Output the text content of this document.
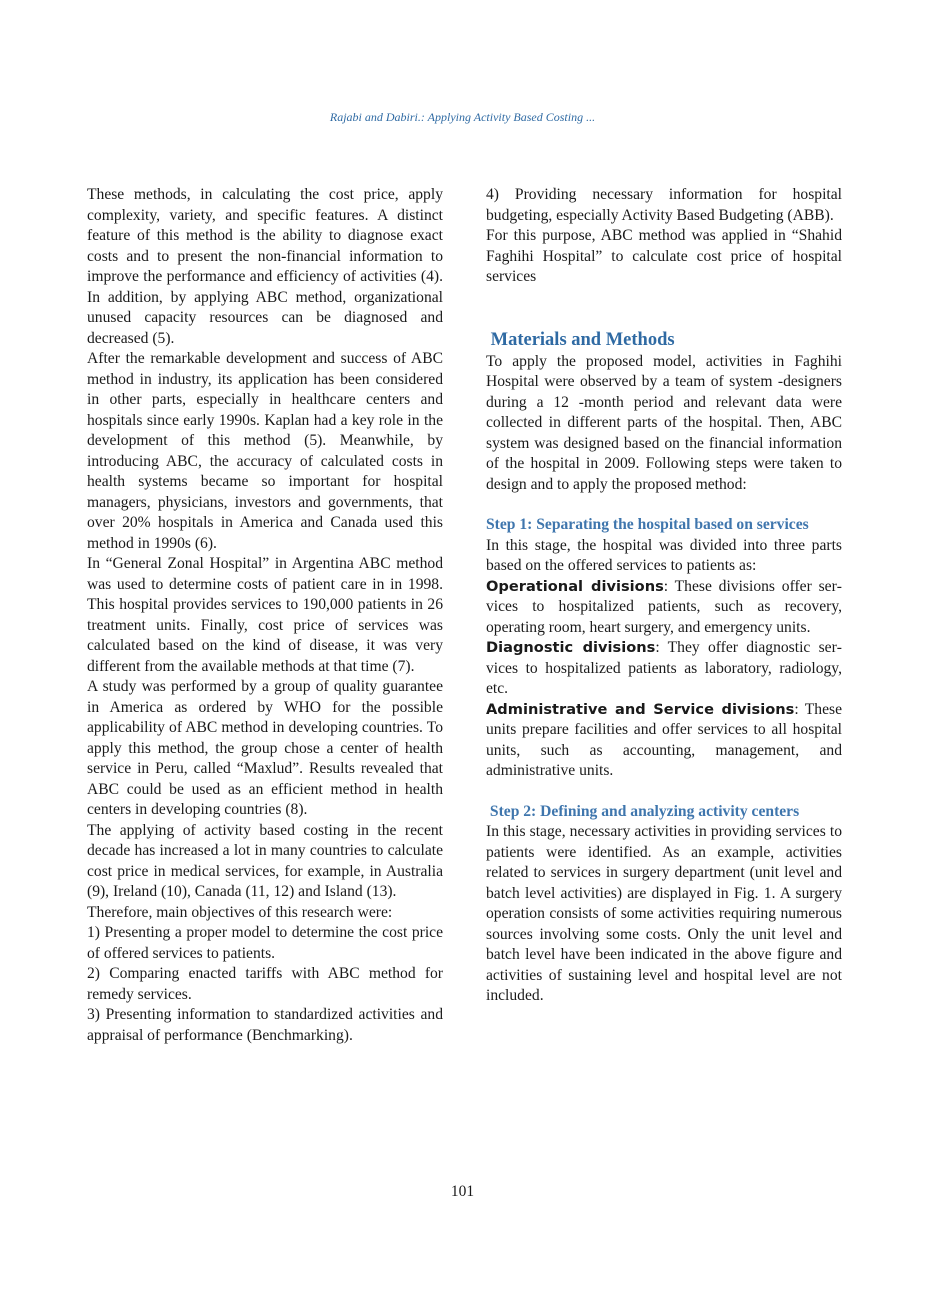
Rajabi and Dabiri.: Applying Activity Based Costing ...

These methods, in calculating the cost price, apply complexity, variety, and specific features. A distinct feature of this method is the ability to diagnose exact costs and to present the non-financial information to improve the performance and efficiency of activities (4). In addition, by applying ABC method, organizational unused capacity resources can be diagnosed and decreased (5).

After the remarkable development and success of ABC method in industry, its application has been considered in other parts, especially in healthcare centers and hospitals since early 1990s. Kaplan had a key role in the development of this method (5). Meanwhile, by introducing ABC, the accuracy of calculated costs in health systems became so important for hospital managers, physicians, investors and governments, that over 20% hospitals in America and Canada used this method in 1990s (6).

In “General Zonal Hospital” in Argentina ABC method was used to determine costs of patient care in in 1998. This hospital provides services to 190,000 patients in 26 treatment units. Finally, cost price of services was calculated based on the kind of disease, it was very different from the available methods at that time (7).

A study was performed by a group of quality guarantee in America as ordered by WHO for the possible applicability of ABC method in developing countries. To apply this method, the group chose a center of health service in Peru, called “Maxlud”. Results revealed that ABC could be used as an efficient method in health centers in developing countries (8).

The applying of activity based costing in the recent decade has increased a lot in many countries to calculate cost price in medical services, for example, in Australia (9), Ireland (10), Canada (11, 12) and Island (13).

Therefore, main objectives of this research were:

1) Presenting a proper model to determine the cost price of offered services to patients.

2) Comparing enacted tariffs with ABC method for remedy services.

3) Presenting information to standardized activities and appraisal of performance (Benchmarking).

4) Providing necessary information for hospital budgeting, especially Activity Based Budgeting (ABB).

For this purpose, ABC method was applied in “Shahid Faghihi Hospital” to calculate cost price of hospital services

Materials and Methods

To apply the proposed model, activities in Faghihi Hospital were observed by a team of system -designers during a 12 -month period and relevant data were collected in different parts of the hospital. Then, ABC system was designed based on the financial information of the hospital in 2009. Following steps were taken to design and to apply the proposed method:

Step 1: Separating the hospital based on services

In this stage, the hospital was divided into three parts based on the offered services to patients as:

Operational divisions: These divisions offer services to hospitalized patients, such as recovery, operating room, heart surgery, and emergency units.

Diagnostic divisions: They offer diagnostic services to hospitalized patients as laboratory, radiology, etc.

Administrative and Service divisions: These units prepare facilities and offer services to all hospital units, such as accounting, management, and administrative units.

Step 2: Defining and analyzing activity centers

In this stage, necessary activities in providing services to patients were identified. As an example, activities related to services in surgery department (unit level and batch level activities) are displayed in Fig. 1. A surgery operation consists of some activities requiring numerous sources involving some costs. Only the unit level and batch level have been indicated in the above figure and activities of sustaining level and hospital level are not included.

101
